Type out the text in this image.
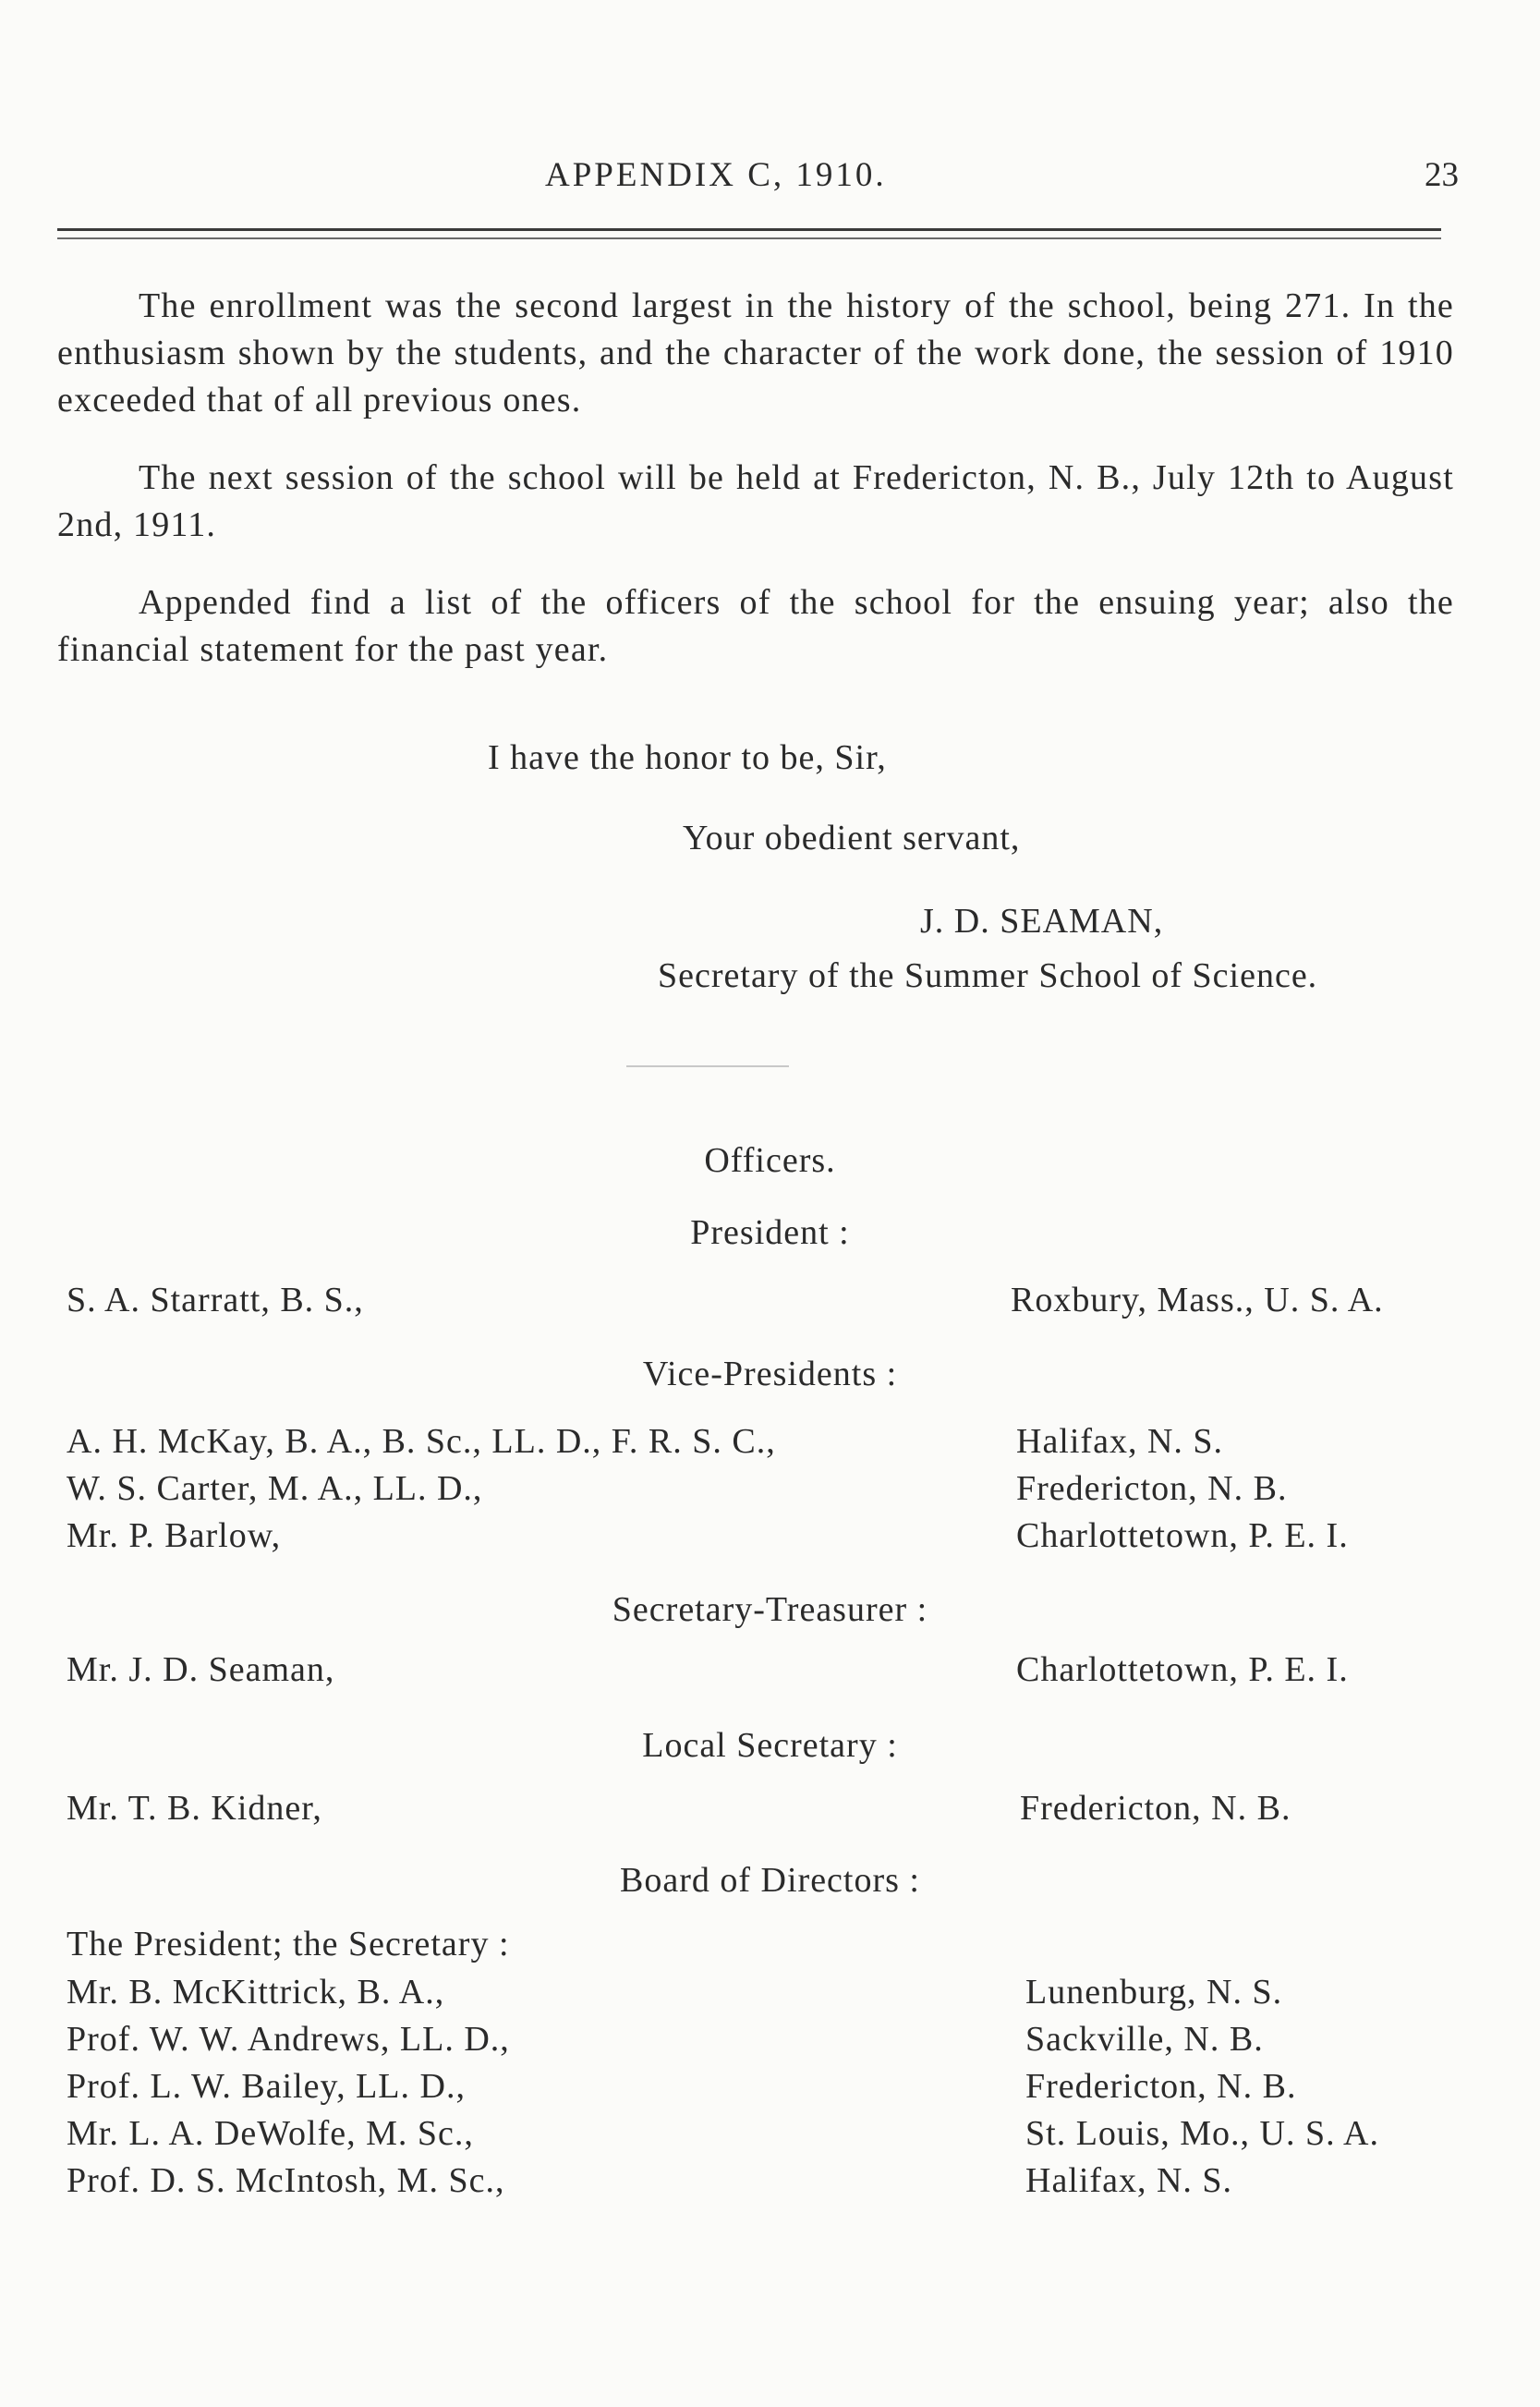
APPENDIX C, 1910.	23

The enrollment was the second largest in the history of the school, being 271. In the enthusiasm shown by the students, and the character of the work done, the session of 1910 exceeded that of all previous ones.

The next session of the school will be held at Fredericton, N. B., July 12th to August 2nd, 1911.

Appended find a list of the officers of the school for the ensuing year; also the financial statement for the past year.

I have the honor to be, Sir,
Your obedient servant,
J. D. SEAMAN,
Secretary of the Summer School of Science.
Officers.
President :
S. A. Starratt, B. S.,	Roxbury, Mass., U. S. A.
Vice-Presidents :
A. H. McKay, B. A., B. Sc., LL. D., F. R. S. C.,	Halifax, N. S.
W. S. Carter, M. A., LL. D.,	Fredericton, N. B.
Mr. P. Barlow,	Charlottetown, P. E. I.
Secretary-Treasurer :
Mr. J. D. Seaman,	Charlottetown, P. E. I.
Local Secretary :
Mr. T. B. Kidner,	Fredericton, N. B.
Board of Directors :
The President; the Secretary :
Mr. B. McKittrick, B. A.,	Lunenburg, N. S.
Prof. W. W. Andrews, LL. D.,	Sackville, N. B.
Prof. L. W. Bailey, LL. D.,	Fredericton, N. B.
Mr. L. A. DeWolfe, M. Sc.,	St. Louis, Mo., U. S. A.
Prof. D. S. McIntosh, M. Sc.,	Halifax, N. S.
